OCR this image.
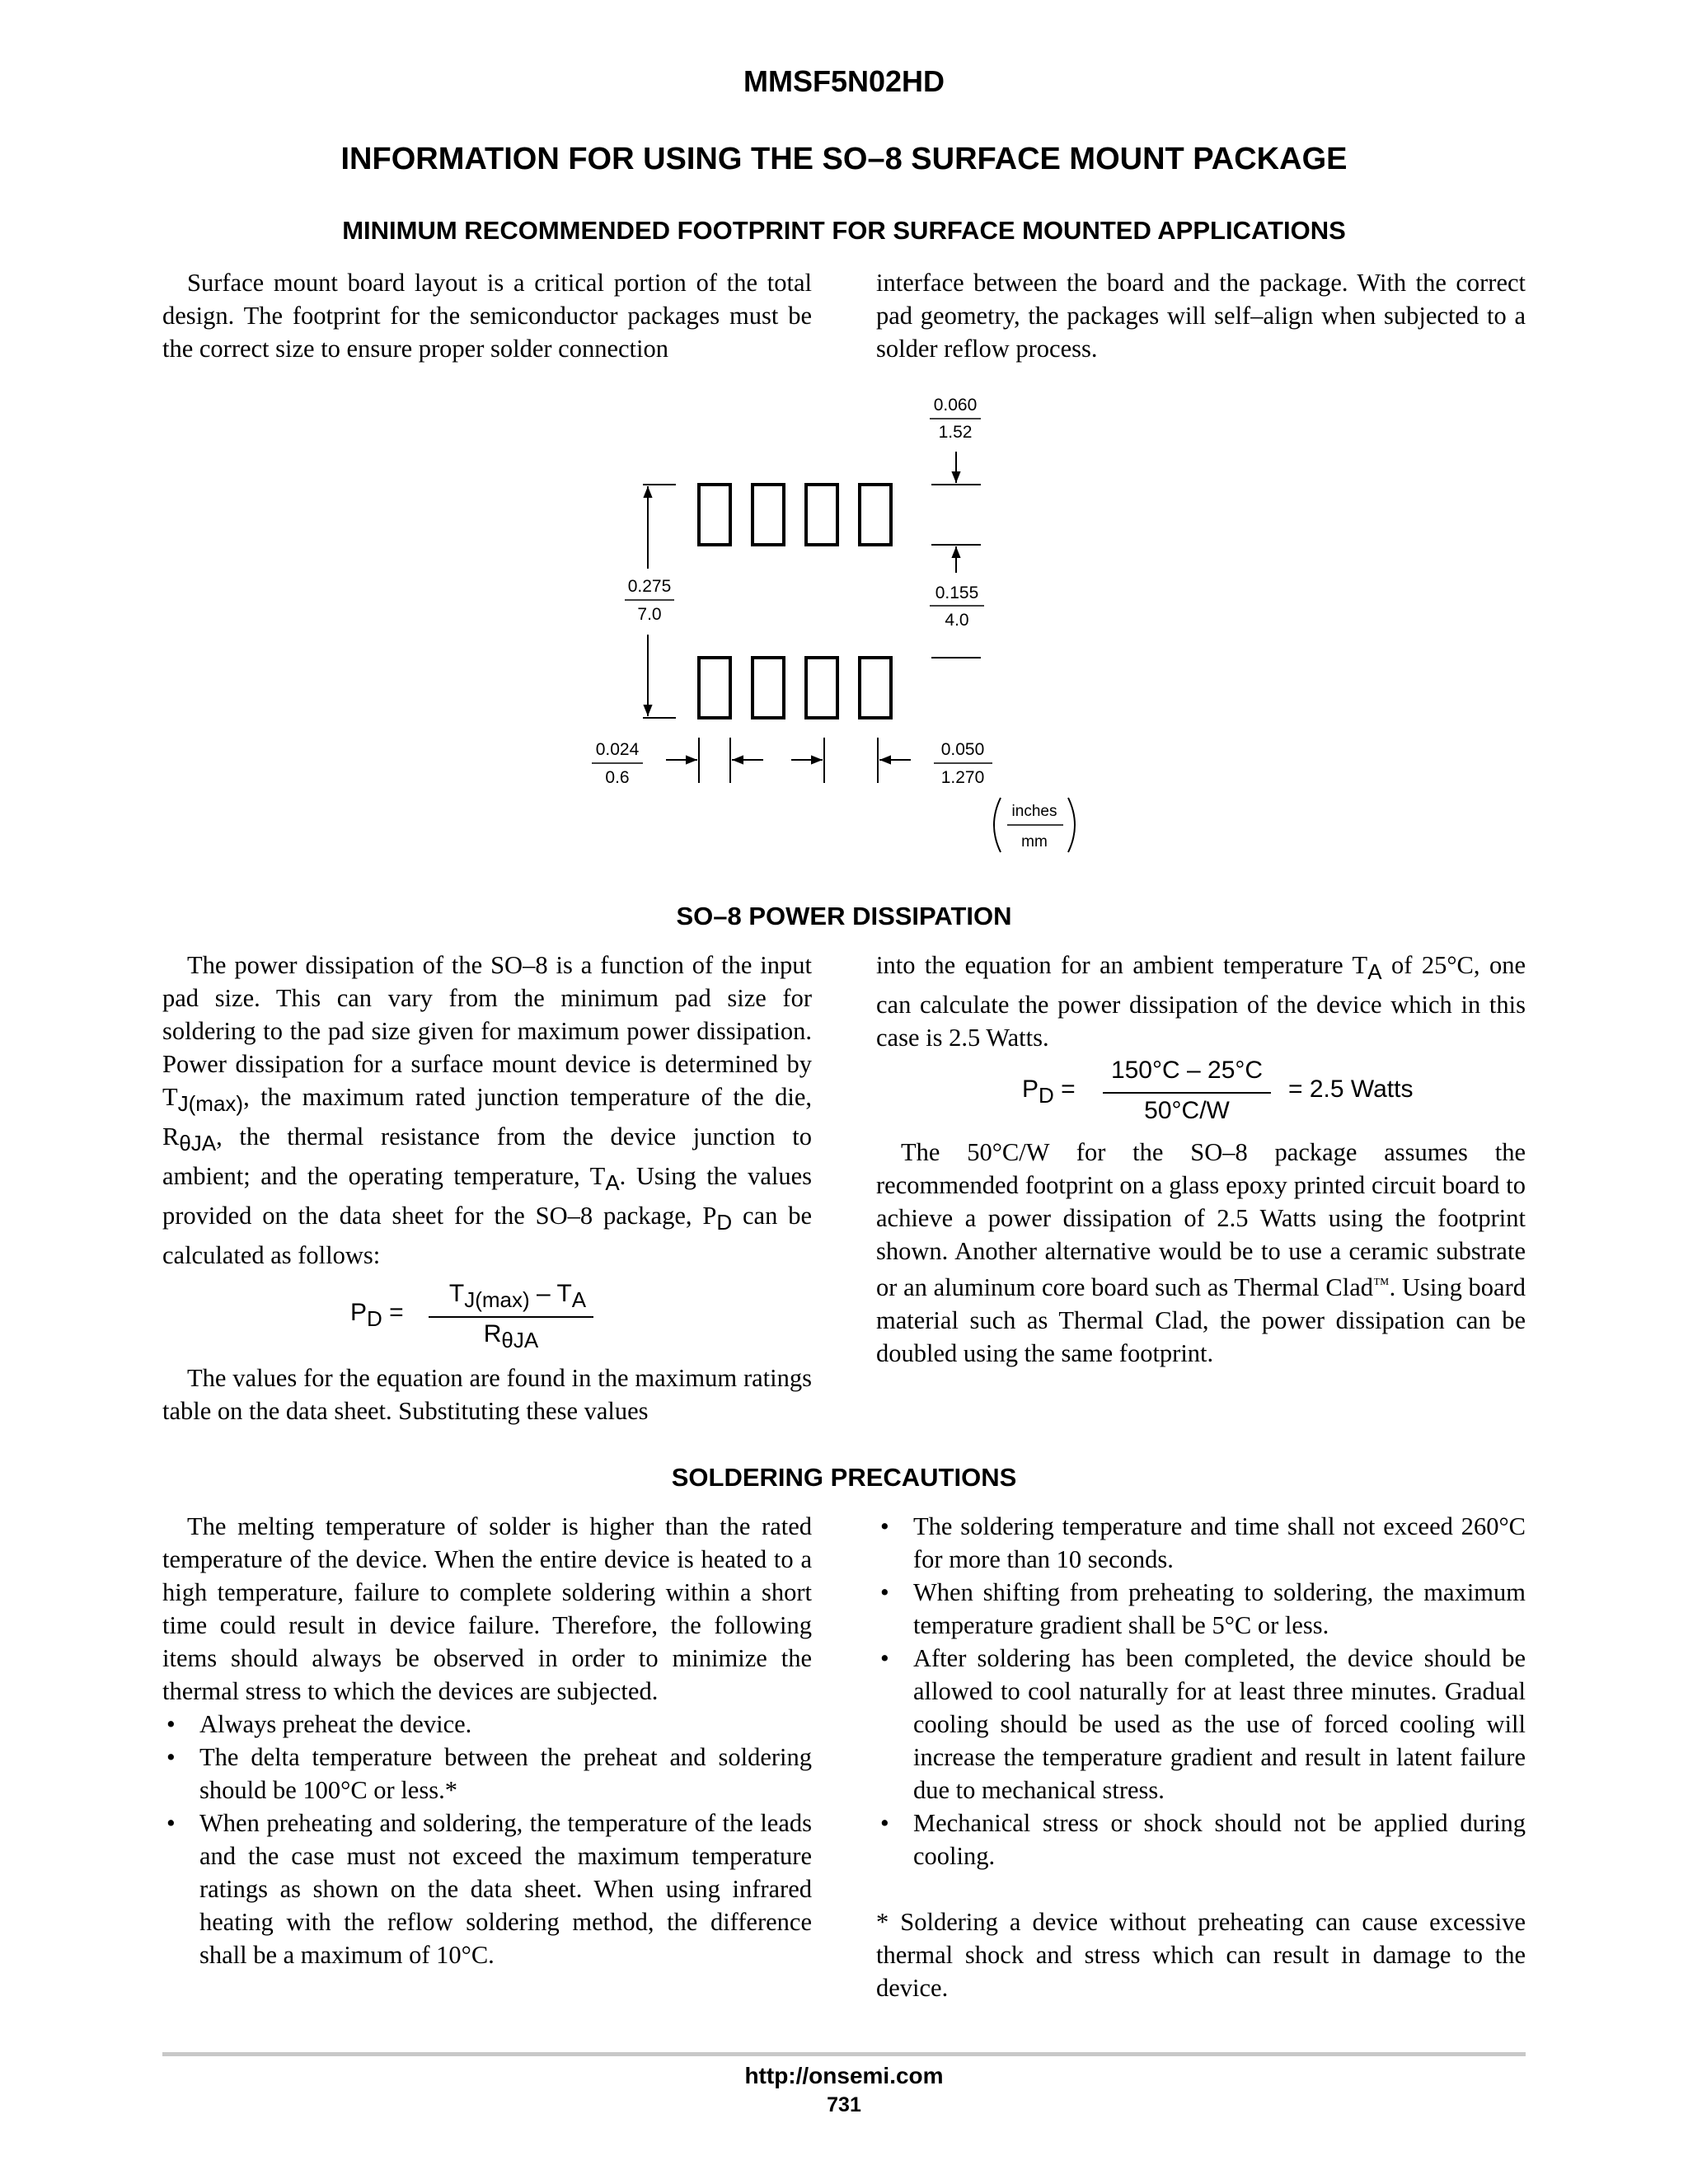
MMSF5N02HD
INFORMATION FOR USING THE SO–8 SURFACE MOUNT PACKAGE
MINIMUM RECOMMENDED FOOTPRINT FOR SURFACE MOUNTED APPLICATIONS

Surface mount board layout is a critical portion of the total design. The footprint for the semiconductor packages must be the correct size to ensure proper solder connection

interface between the board and the package. With the correct pad geometry, the packages will self–align when subjected to a solder reflow process.

0.275
7.0
0.060
1.52
0.155
4.0
0.024
0.6
0.050
1.270
inches
mm
SO–8 POWER DISSIPATION

The power dissipation of the SO–8 is a function of the input pad size. This can vary from the minimum pad size for soldering to the pad size given for maximum power dissipation. Power dissipation for a surface mount device is determined by TJ(max), the maximum rated junction temperature of the die, RθJA, the thermal resistance from the device junction to ambient; and the operating temperature, TA. Using the values provided on the data sheet for the SO–8 package, PD can be calculated as follows:

PD =
TJ(max) – TA
RθJA

The values for the equation are found in the maximum ratings table on the data sheet. Substituting these values

into the equation for an ambient temperature TA of 25°C, one can calculate the power dissipation of the device which in this case is 2.5 Watts.

PD =
150°C – 25°C
50°C/W
= 2.5 Watts

The 50°C/W for the SO–8 package assumes the recommended footprint on a glass epoxy printed circuit board to achieve a power dissipation of 2.5 Watts using the footprint shown. Another alternative would be to use a ceramic substrate or an aluminum core board such as Thermal Clad™. Using board material such as Thermal Clad, the power dissipation can be doubled using the same footprint.

SOLDERING PRECAUTIONS

The melting temperature of solder is higher than the rated temperature of the device. When the entire device is heated to a high temperature, failure to complete soldering within a short time could result in device failure. Therefore, the following items should always be observed in order to minimize the thermal stress to which the devices are subjected.

• Always preheat the device.
• The delta temperature between the preheat and soldering should be 100°C or less.*
• When preheating and soldering, the temperature of the leads and the case must not exceed the maximum temperature ratings as shown on the data sheet. When using infrared heating with the reflow soldering method, the difference shall be a maximum of 10°C.
• The soldering temperature and time shall not exceed 260°C for more than 10 seconds.
• When shifting from preheating to soldering, the maximum temperature gradient shall be 5°C or less.
• After soldering has been completed, the device should be allowed to cool naturally for at least three minutes. Gradual cooling should be used as the use of forced cooling will increase the temperature gradient and result in latent failure due to mechanical stress.
• Mechanical stress or shock should not be applied during cooling.

* Soldering a device without preheating can cause excessive thermal shock and stress which can result in damage to the device.

http://onsemi.com
731
